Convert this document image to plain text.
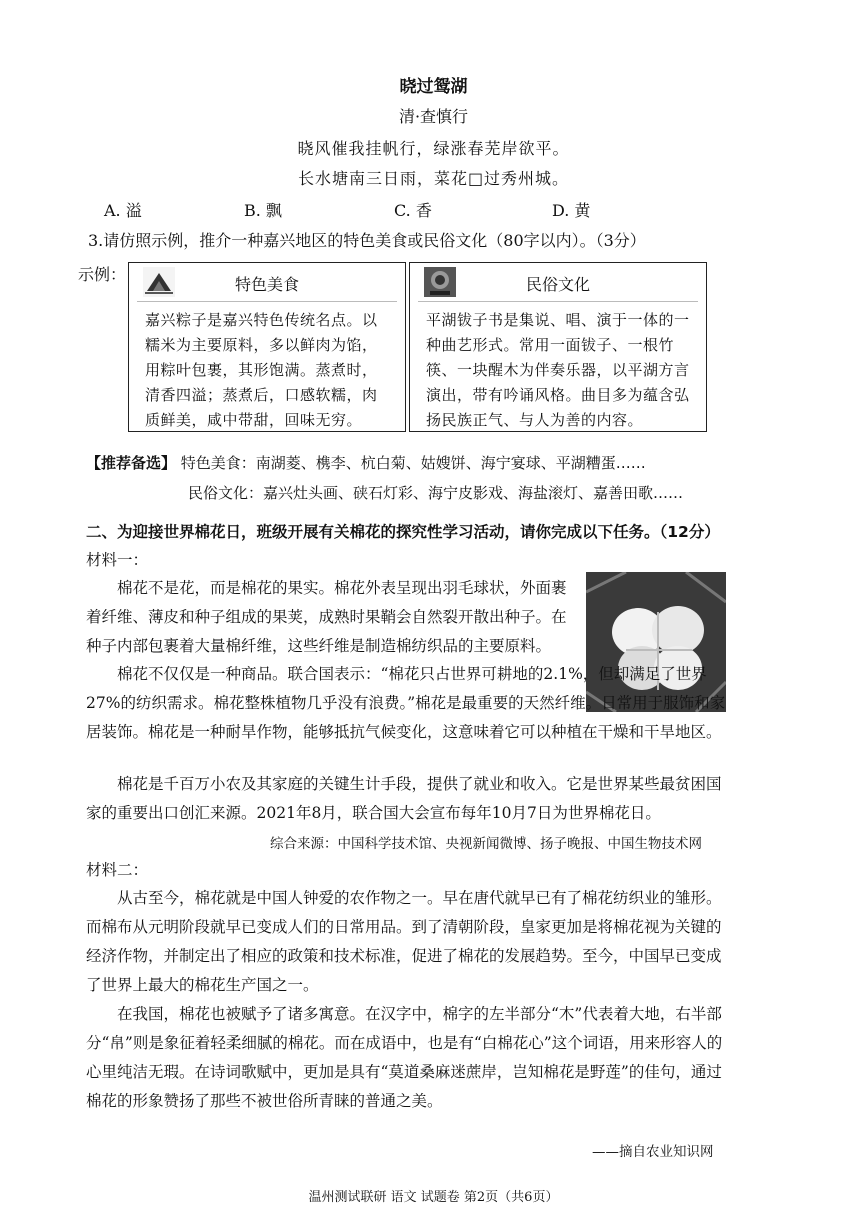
晓过鸳湖
清·查慎行
晓风催我挂帆行，绿涨春芜岸欲平。
长水塘南三日雨，菜花□过秀州城。
A. 溢	B. 飘	C. 香	D. 黄
3.请仿照示例，推介一种嘉兴地区的特色美食或民俗文化（80字以内）。（3分）
示例：
特色美食
嘉兴粽子是嘉兴特色传统名点。以糯米为主要原料，多以鲜肉为馅，用粽叶包裹，其形饱满。蒸煮时，清香四溢；蒸煮后，口感软糯，肉质鲜美，咸中带甜，回味无穷。
民俗文化
平湖钹子书是集说、唱、演于一体的一种曲艺形式。常用一面钹子、一根竹筷、一块醒木为伴奏乐器，以平湖方言演出，带有吟诵风格。曲目多为蕴含弘扬民族正气、与人为善的内容。
【推荐备选】 特色美食：南湖菱、槜李、杭白菊、姑嫂饼、海宁宴球、平湖糟蛋……
民俗文化：嘉兴灶头画、硖石灯彩、海宁皮影戏、海盐滚灯、嘉善田歌……
二、为迎接世界棉花日，班级开展有关棉花的探究性学习活动，请你完成以下任务。（12分）
材料一：

棉花不是花，而是棉花的果实。棉花外表呈现出羽毛球状，外面裹着纤维、薄皮和种子组成的果荚，成熟时果鞘会自然裂开散出种子。在种子内部包裹着大量棉纤维，这些纤维是制造棉纺织品的主要原料。

棉花不仅仅是一种商品。联合国表示：“棉花只占世界可耕地的2.1%，但却满足了世界27%的纺织需求。棉花整株植物几乎没有浪费。”棉花是最重要的天然纤维。日常用于服饰和家居装饰。棉花是一种耐旱作物，能够抵抗气候变化，这意味着它可以种植在干燥和干旱地区。

棉花是千百万小农及其家庭的关键生计手段，提供了就业和收入。它是世界某些最贫困国家的重要出口创汇来源。2021年8月，联合国大会宣布每年10月7日为世界棉花日。

综合来源：中国科学技术馆、央视新闻微博、扬子晚报、中国生物技术网
材料二：

从古至今，棉花就是中国人钟爱的农作物之一。早在唐代就早已有了棉花纺织业的雏形。而棉布从元明阶段就早已变成人们的日常用品。到了清朝阶段，皇家更加是将棉花视为关键的经济作物，并制定出了相应的政策和技术标准，促进了棉花的发展趋势。至今，中国早已变成了世界上最大的棉花生产国之一。

在我国，棉花也被赋予了诸多寓意。在汉字中，棉字的左半部分“木”代表着大地，右半部分“帛”则是象征着轻柔细腻的棉花。而在成语中，也是有“白棉花心”这个词语，用来形容人的心里纯洁无瑕。在诗词歌赋中，更加是具有“莫道桑麻迷蔗岸，岂知棉花是野莲”的佳句，通过棉花的形象赞扬了那些不被世俗所青睐的普通之美。

——摘自农业知识网
温州测试联研 语文 试题卷 第2页（共6页）
